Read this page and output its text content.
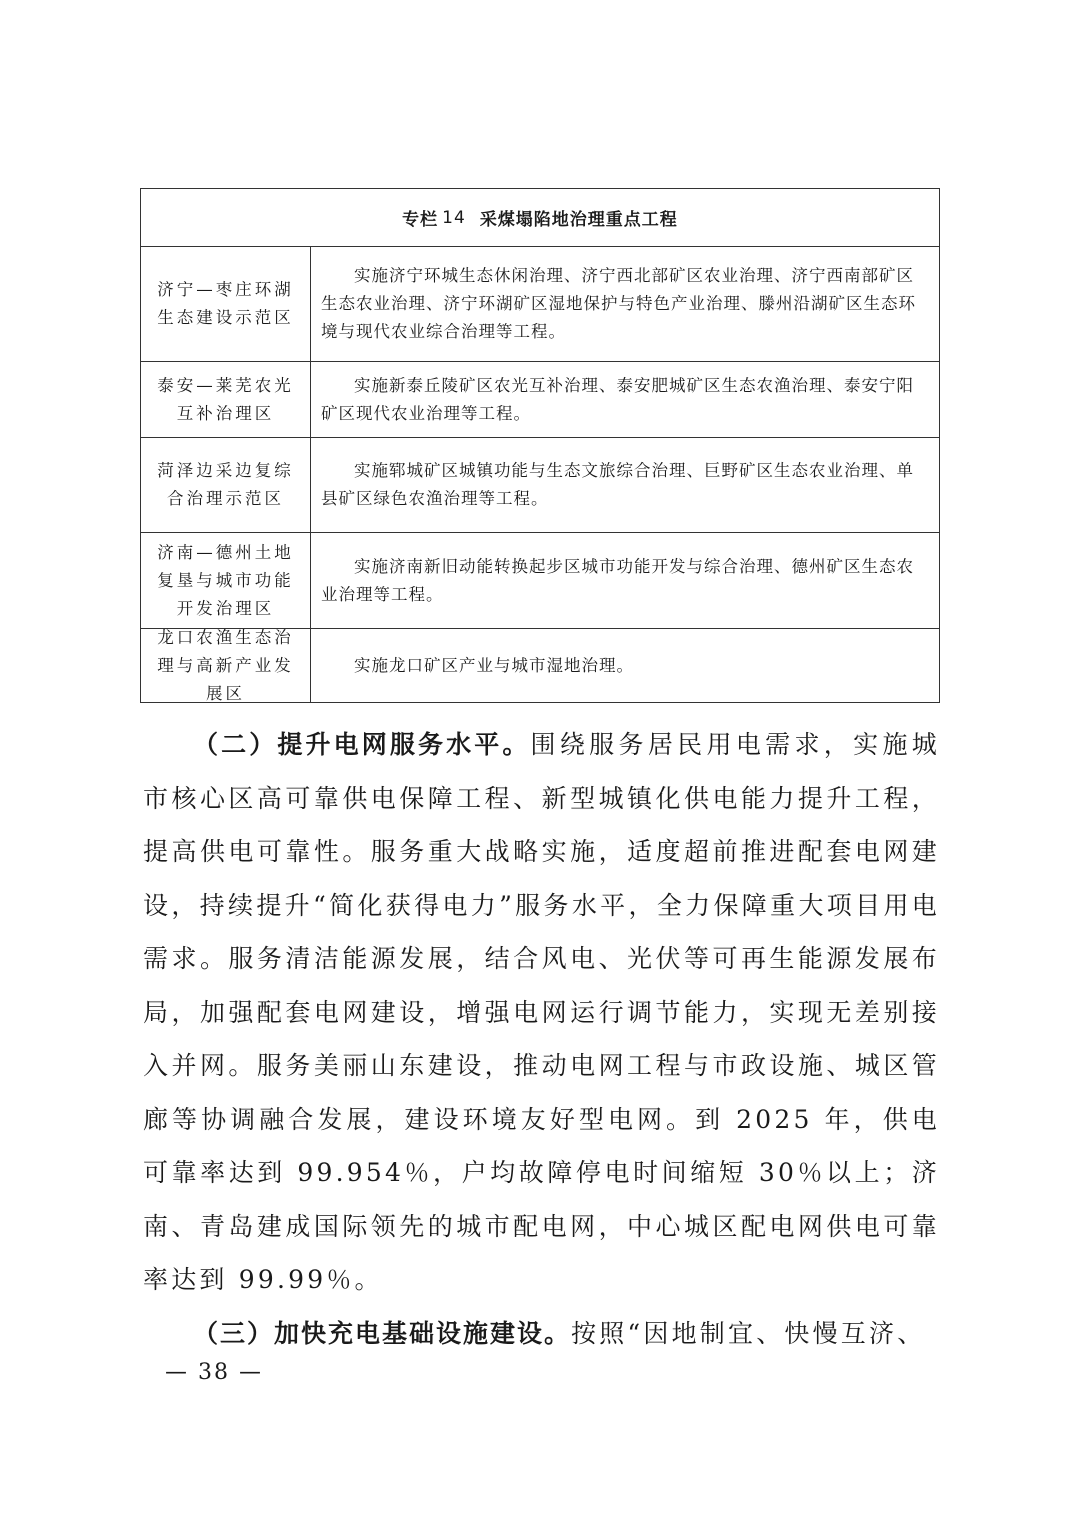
专栏 14 采煤塌陷地治理重点工程
济宁—枣庄环湖生态建设示范区
实施济宁环城生态休闲治理、济宁西北部矿区农业治理、济宁西南部矿区生态农业治理、济宁环湖矿区湿地保护与特色产业治理、滕州沿湖矿区生态环境与现代农业综合治理等工程。
泰安—莱芜农光互补治理区
实施新泰丘陵矿区农光互补治理、泰安肥城矿区生态农渔治理、泰安宁阳矿区现代农业治理等工程。
菏泽边采边复综合治理示范区
实施郓城矿区城镇功能与生态文旅综合治理、巨野矿区生态农业治理、单县矿区绿色农渔治理等工程。
济南—德州土地复垦与城市功能开发治理区
实施济南新旧动能转换起步区城市功能开发与综合治理、德州矿区生态农业治理等工程。
龙口农渔生态治理与高新产业发展区
实施龙口矿区产业与城市湿地治理。

（二）提升电网服务水平。围绕服务居民用电需求，实施城市核心区高可靠供电保障工程、新型城镇化供电能力提升工程，提高供电可靠性。服务重大战略实施，适度超前推进配套电网建设，持续提升“简化获得电力”服务水平，全力保障重大项目用电需求。服务清洁能源发展，结合风电、光伏等可再生能源发展布局，加强配套电网建设，增强电网运行调节能力，实现无差别接入并网。服务美丽山东建设，推动电网工程与市政设施、城区管廊等协调融合发展，建设环境友好型电网。到 2025 年，供电可靠率达到 99.954％，户均故障停电时间缩短 30％以上；济南、青岛建成国际领先的城市配电网，中心城区配电网供电可靠率达到 99.99％。

（三）加快充电基础设施建设。按照“因地制宜、快慢互济、

— 38 —
